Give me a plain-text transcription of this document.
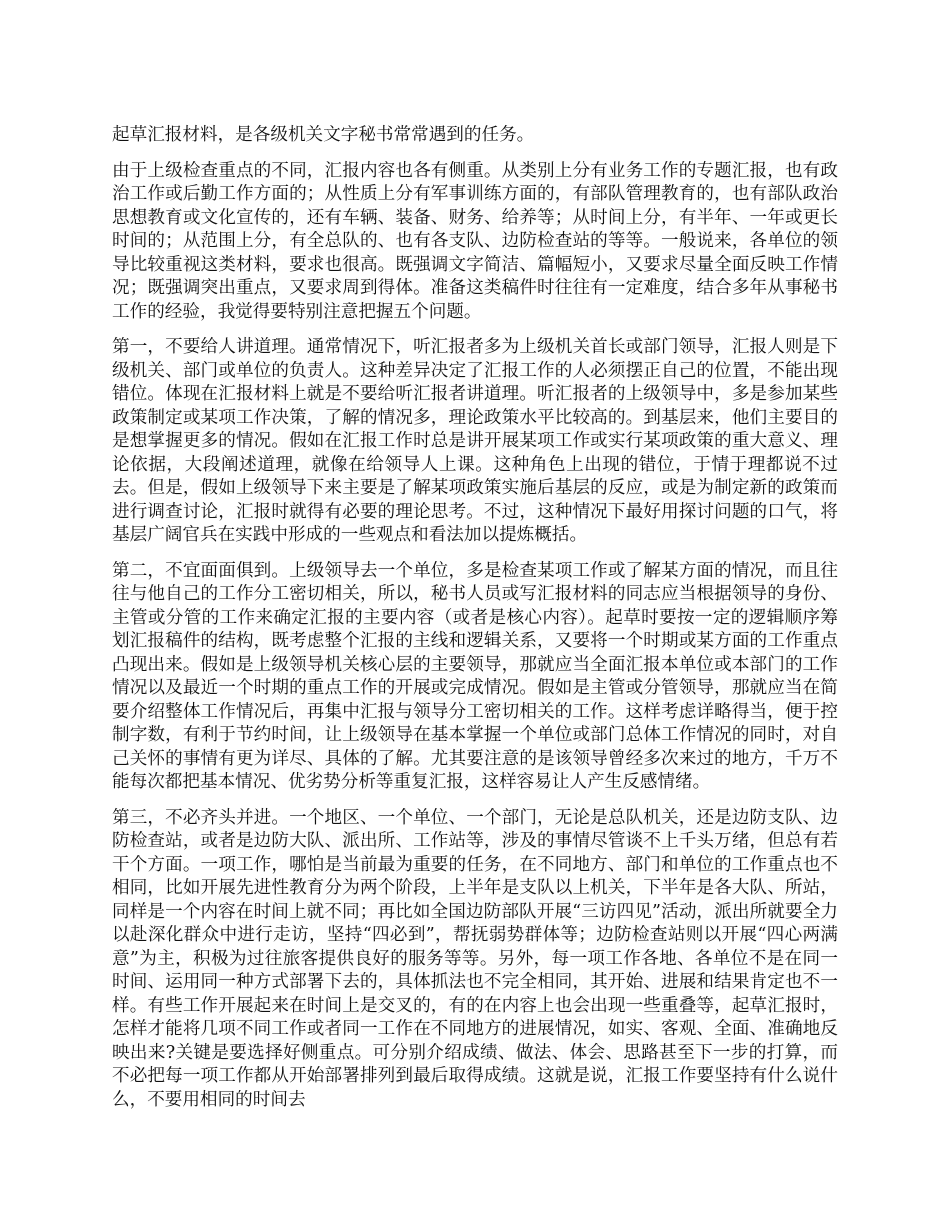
起草汇报材料，是各级机关文字秘书常常遇到的任务。

由于上级检查重点的不同，汇报内容也各有侧重。从类别上分有业务工作的专题汇报，也有政治工作或后勤工作方面的；从性质上分有军事训练方面的，有部队管理教育的，也有部队政治思想教育或文化宣传的，还有车辆、装备、财务、给养等；从时间上分，有半年、一年或更长时间的；从范围上分，有全总队的、也有各支队、边防检查站的等等。一般说来，各单位的领导比较重视这类材料，要求也很高。既强调文字简洁、篇幅短小，又要求尽量全面反映工作情况；既强调突出重点，又要求周到得体。准备这类稿件时往往有一定难度，结合多年从事秘书工作的经验，我觉得要特别注意把握五个问题。

第一，不要给人讲道理。通常情况下，听汇报者多为上级机关首长或部门领导，汇报人则是下级机关、部门或单位的负责人。这种差异决定了汇报工作的人必须摆正自己的位置，不能出现错位。体现在汇报材料上就是不要给听汇报者讲道理。听汇报者的上级领导中，多是参加某些政策制定或某项工作决策，了解的情况多，理论政策水平比较高的。到基层来，他们主要目的是想掌握更多的情况。假如在汇报工作时总是讲开展某项工作或实行某项政策的重大意义、理论依据，大段阐述道理，就像在给领导人上课。这种角色上出现的错位，于情于理都说不过去。但是，假如上级领导下来主要是了解某项政策实施后基层的反应，或是为制定新的政策而进行调查讨论，汇报时就得有必要的理论思考。不过，这种情况下最好用探讨问题的口气，将基层广阔官兵在实践中形成的一些观点和看法加以提炼概括。

第二，不宜面面俱到。上级领导去一个单位，多是检查某项工作或了解某方面的情况，而且往往与他自己的工作分工密切相关，所以，秘书人员或写汇报材料的同志应当根据领导的身份、主管或分管的工作来确定汇报的主要内容（或者是核心内容）。起草时要按一定的逻辑顺序筹划汇报稿件的结构，既考虑整个汇报的主线和逻辑关系，又要将一个时期或某方面的工作重点凸现出来。假如是上级领导机关核心层的主要领导，那就应当全面汇报本单位或本部门的工作情况以及最近一个时期的重点工作的开展或完成情况。假如是主管或分管领导，那就应当在简要介绍整体工作情况后，再集中汇报与领导分工密切相关的工作。这样考虑详略得当，便于控制字数，有利于节约时间，让上级领导在基本掌握一个单位或部门总体工作情况的同时，对自己关怀的事情有更为详尽、具体的了解。尤其要注意的是该领导曾经多次来过的地方，千万不能每次都把基本情况、优劣势分析等重复汇报，这样容易让人产生反感情绪。

第三，不必齐头并进。一个地区、一个单位、一个部门，无论是总队机关，还是边防支队、边防检查站，或者是边防大队、派出所、工作站等，涉及的事情尽管谈不上千头万绪，但总有若干个方面。一项工作，哪怕是当前最为重要的任务，在不同地方、部门和单位的工作重点也不相同，比如开展先进性教育分为两个阶段，上半年是支队以上机关，下半年是各大队、所站，同样是一个内容在时间上就不同；再比如全国边防部队开展“三访四见”活动，派出所就要全力以赴深化群众中进行走访，坚持“四必到”，帮抚弱势群体等；边防检查站则以开展“四心两满意”为主，积极为过往旅客提供良好的服务等等。另外，每一项工作各地、各单位不是在同一时间、运用同一种方式部署下去的，具体抓法也不完全相同，其开始、进展和结果肯定也不一样。有些工作开展起来在时间上是交叉的，有的在内容上也会出现一些重叠等，起草汇报时，怎样才能将几项不同工作或者同一工作在不同地方的进展情况，如实、客观、全面、准确地反映出来?关键是要选择好侧重点。可分别介绍成绩、做法、体会、思路甚至下一步的打算，而不必把每一项工作都从开始部署排列到最后取得成绩。这就是说，汇报工作要坚持有什么说什么，不要用相同的时间去
